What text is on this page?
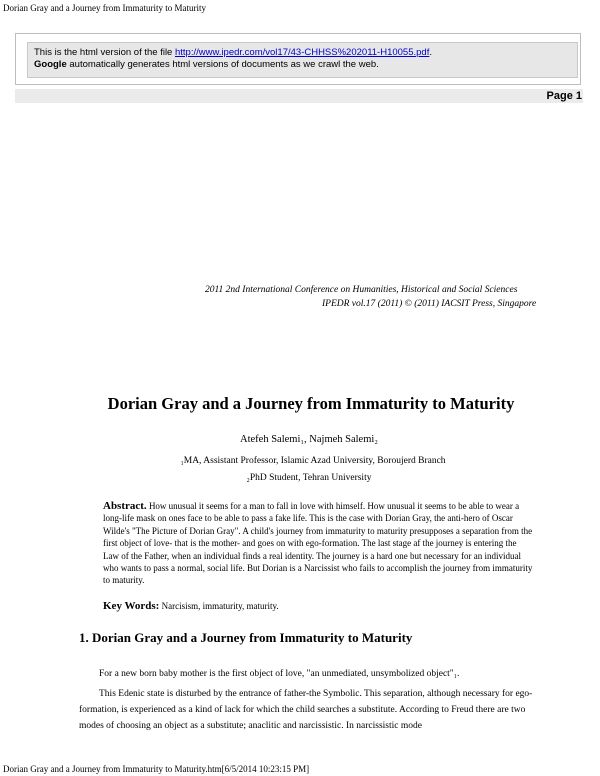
Dorian Gray and a Journey from Immaturity to Maturity
This is the html version of the file http://www.ipedr.com/vol17/43-CHHSS%202011-H10055.pdf.
Google automatically generates html versions of documents as we crawl the web.
Page 1
2011 2nd International Conference on Humanities, Historical and Social Sciences
IPEDR vol.17 (2011) © (2011) IACSIT Press, Singapore
Dorian Gray and a Journey from Immaturity to Maturity
Atefeh Salemi₁, Najmeh Salemi₂
₁MA, Assistant Professor, Islamic Azad University, Boroujerd Branch
₂PhD Student, Tehran University
Abstract. How unusual it seems for a man to fall in love with himself. How unusual it seems to be able to wear a long-life mask on ones face to be able to pass a fake life. This is the case with Dorian Gray, the anti-hero of Oscar Wilde's "The Picture of Dorian Gray". A child's journey from immaturity to maturity presupposes a separation from the first object of love- that is the mother- and goes on with ego-formation. The last stage af the journey is entering the Law of the Father, when an individual finds a real identity. The journey is a hard one but necessary for an individual who wants to pass a normal, social life. But Dorian is a Narcissist who fails to accomplish the journey from immaturity to maturity.
Key Words: Narcisism, immaturity, maturity.
1. Dorian Gray and a Journey from Immaturity to Maturity
For a new born baby mother is the first object of love, "an unmediated, unsymbolized object"₁.
This Edenic state is disturbed by the entrance of father-the Symbolic. This separation, although necessary for ego- formation, is experienced as a kind of lack for which the child searches a substitute. According to Freud there are two modes of choosing an object as a substitute; anaclitic and narcissistic. In narcissistic mode
Dorian Gray and a Journey from Immaturity to Maturity.htm[6/5/2014 10:23:15 PM]
